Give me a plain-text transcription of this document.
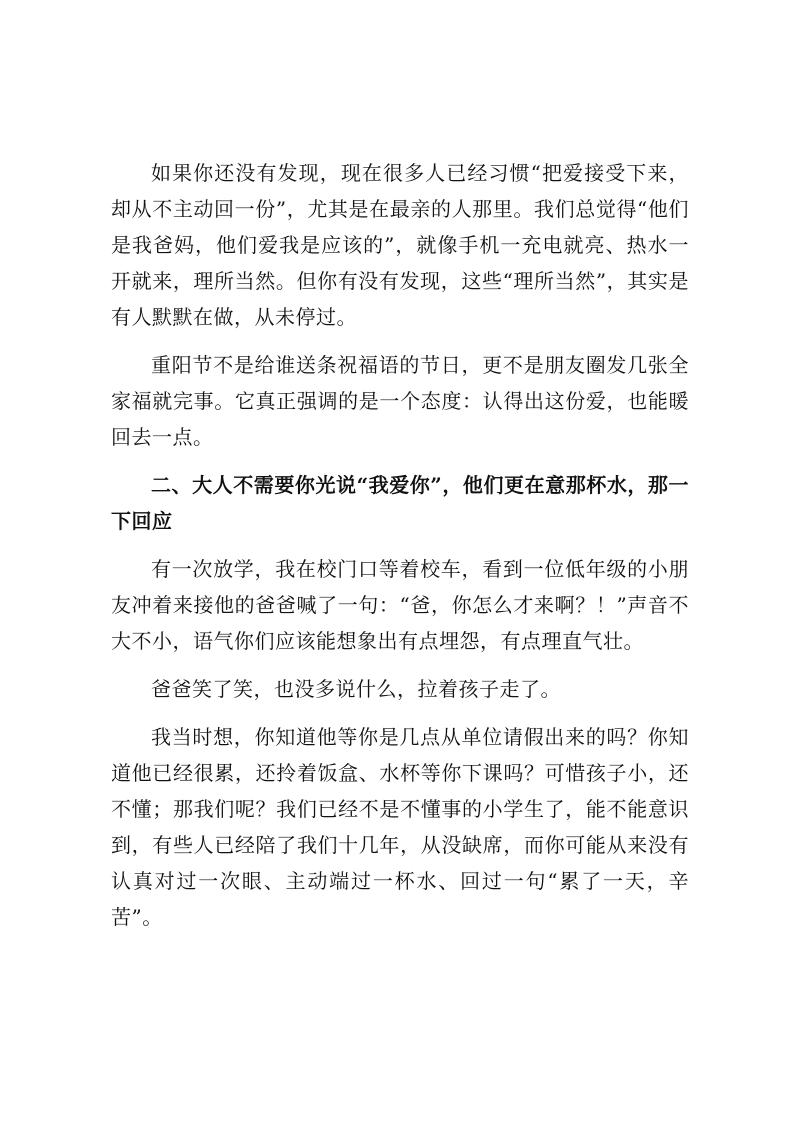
如果你还没有发现，现在很多人已经习惯“把爱接受下来，却从不主动回一份”，尤其是在最亲的人那里。我们总觉得“他们是我爸妈，他们爱我是应该的”，就像手机一充电就亮、热水一开就来，理所当然。但你有没有发现，这些“理所当然”，其实是有人默默在做，从未停过。

重阳节不是给谁送条祝福语的节日，更不是朋友圈发几张全家福就完事。它真正强调的是一个态度：认得出这份爱，也能暖回去一点。

二、大人不需要你光说“我爱你”，他们更在意那杯水，那一下回应

有一次放学，我在校门口等着校车，看到一位低年级的小朋友冲着来接他的爸爸喊了一句：“爸，你怎么才来啊？！”声音不大不小，语气你们应该能想象出有点埋怨，有点理直气壮。

爸爸笑了笑，也没多说什么，拉着孩子走了。

我当时想，你知道他等你是几点从单位请假出来的吗？你知道他已经很累，还拎着饭盒、水杯等你下课吗？可惜孩子小，还不懂；那我们呢？我们已经不是不懂事的小学生了，能不能意识到，有些人已经陪了我们十几年，从没缺席，而你可能从来没有认真对过一次眼、主动端过一杯水、回过一句“累了一天，辛苦”。
